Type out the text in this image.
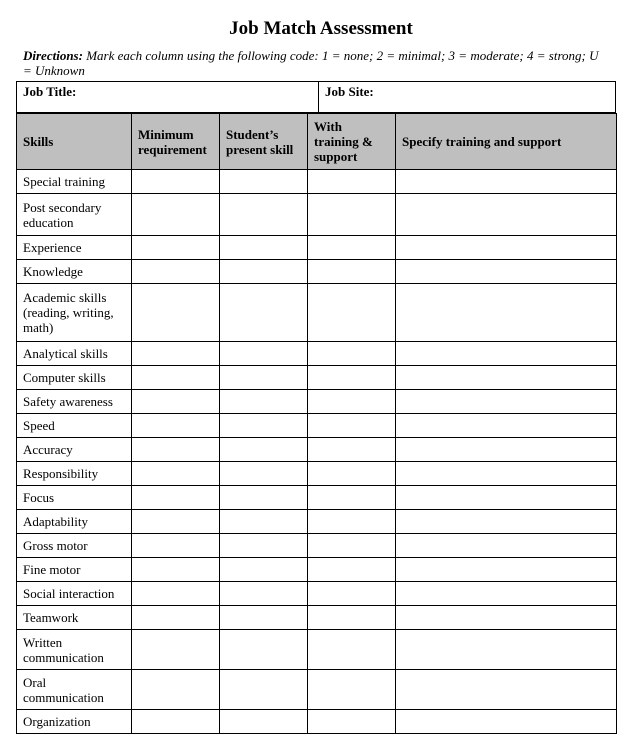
Job Match Assessment
Directions: Mark each column using the following code: 1 = none; 2 = minimal; 3 = moderate; 4 = strong; U = Unknown
Job Title:	Job Site:
Skills	Minimum requirement	Student’s present skill	With training & support	Specify training and support
Special training				
Post secondary education				
Experience				
Knowledge				
Academic skills (reading, writing, math)				
Analytical skills				
Computer skills				
Safety awareness				
Speed				
Accuracy				
Responsibility				
Focus				
Adaptability				
Gross motor				
Fine motor				
Social interaction				
Teamwork				
Written communication				
Oral communication				
Organization				
